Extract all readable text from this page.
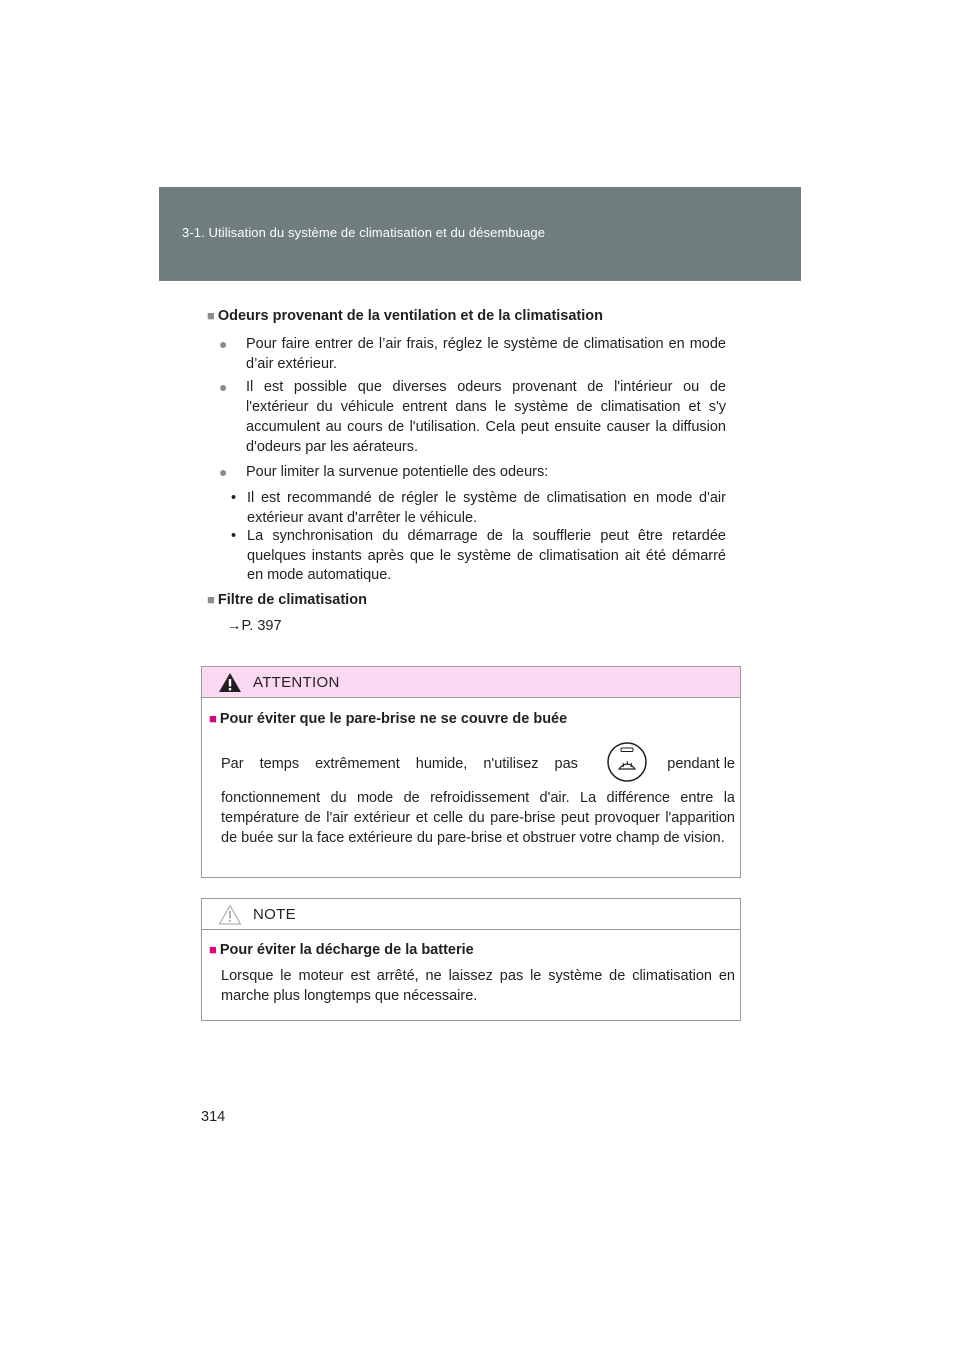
3-1. Utilisation du système de climatisation et du désembuage
■ Odeurs provenant de la ventilation et de la climatisation
●	Pour faire entrer de l’air frais, réglez le système de climatisation en mode d’air extérieur.
●	Il est possible que diverses odeurs provenant de l'intérieur ou de l'extérieur du véhicule entrent dans le système de climatisation et s'y accumulent au cours de l'utilisation. Cela peut ensuite causer la diffusion d'odeurs par les aérateurs.
●	Pour limiter la survenue potentielle des odeurs:
• Il est recommandé de régler le système de climatisation en mode d'air extérieur avant d'arrêter le véhicule.
• La synchronisation du démarrage de la soufflerie peut être retardée quelques instants après que le système de climatisation ait été démarré en mode automatique.
■ Filtre de climatisation
→P. 397
ATTENTION
■ Pour éviter que le pare-brise ne se couvre de buée
Par temps extrêmement humide, n'utilisez pas	pendant le
fonctionnement du mode de refroidissement d'air. La différence entre la température de l'air extérieur et celle du pare-brise peut provoquer l'apparition de buée sur la face extérieure du pare-brise et obstruer votre champ de vision.
NOTE
■ Pour éviter la décharge de la batterie
Lorsque le moteur est arrêté, ne laissez pas le système de climatisation en marche plus longtemps que nécessaire.
314
